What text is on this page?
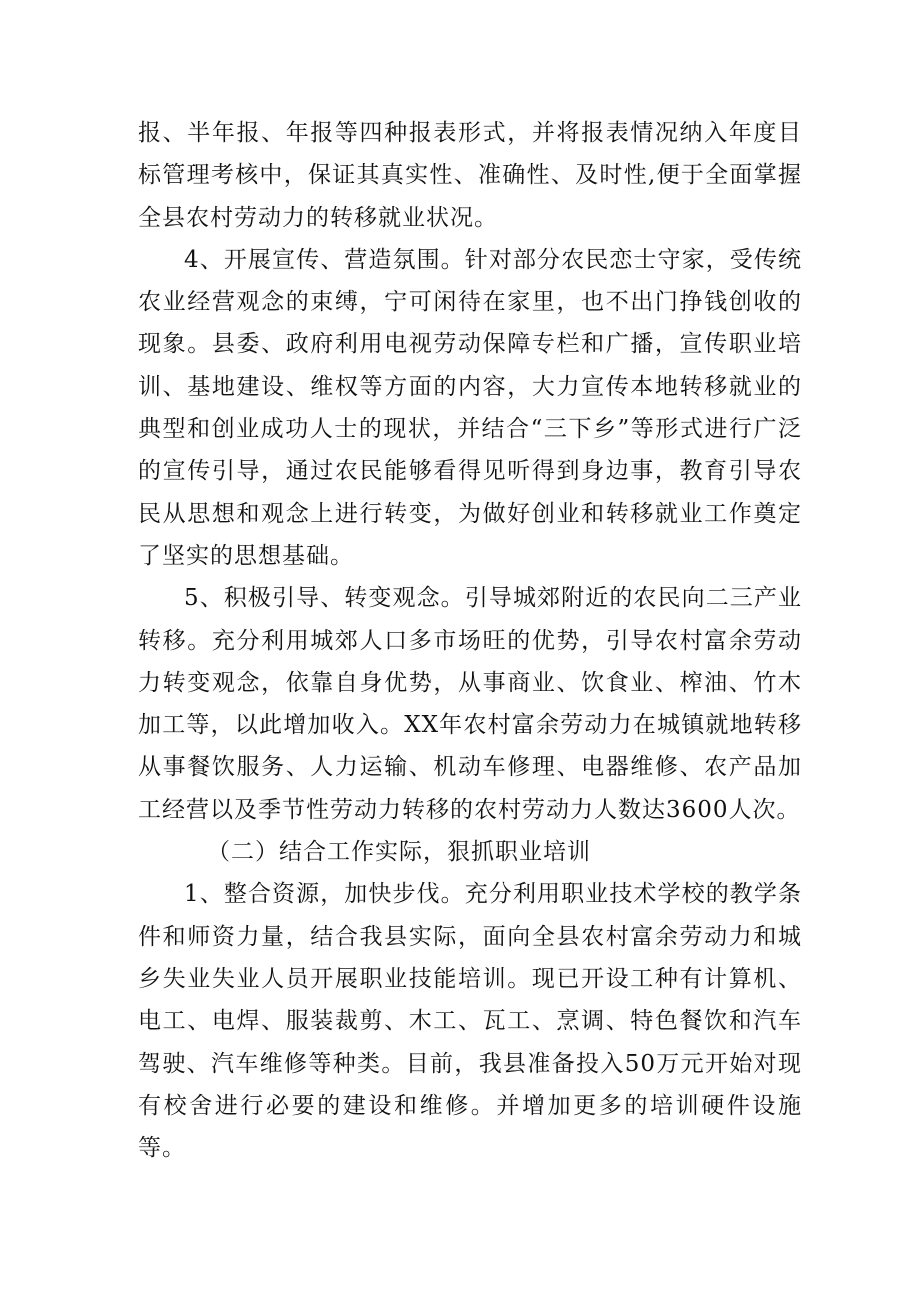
报、半年报、年报等四种报表形式，并将报表情况纳入年度目标管理考核中，保证其真实性、准确性、及时性,便于全面掌握全县农村劳动力的转移就业状况。

4、开展宣传、营造氛围。针对部分农民恋士守家，受传统农业经营观念的束缚，宁可闲待在家里，也不出门挣钱创收的现象。县委、政府利用电视劳动保障专栏和广播，宣传职业培训、基地建设、维权等方面的内容，大力宣传本地转移就业的典型和创业成功人士的现状，并结合“三下乡”等形式进行广泛的宣传引导，通过农民能够看得见听得到身边事，教育引导农民从思想和观念上进行转变，为做好创业和转移就业工作奠定了坚实的思想基础。

5、积极引导、转变观念。引导城郊附近的农民向二三产业转移。充分利用城郊人口多市场旺的优势，引导农村富余劳动力转变观念，依靠自身优势，从事商业、饮食业、榨油、竹木加工等，以此增加收入。XX年农村富余劳动力在城镇就地转移从事餐饮服务、人力运输、机动车修理、电器维修、农产品加工经营以及季节性劳动力转移的农村劳动力人数达3600人次。

（二）结合工作实际，狠抓职业培训

1、整合资源，加快步伐。充分利用职业技术学校的教学条件和师资力量，结合我县实际，面向全县农村富余劳动力和城乡失业失业人员开展职业技能培训。现已开设工种有计算机、电工、电焊、服装裁剪、木工、瓦工、烹调、特色餐饮和汽车驾驶、汽车维修等种类。目前，我县准备投入50万元开始对现有校舍进行必要的建设和维修。并增加更多的培训硬件设施等。
